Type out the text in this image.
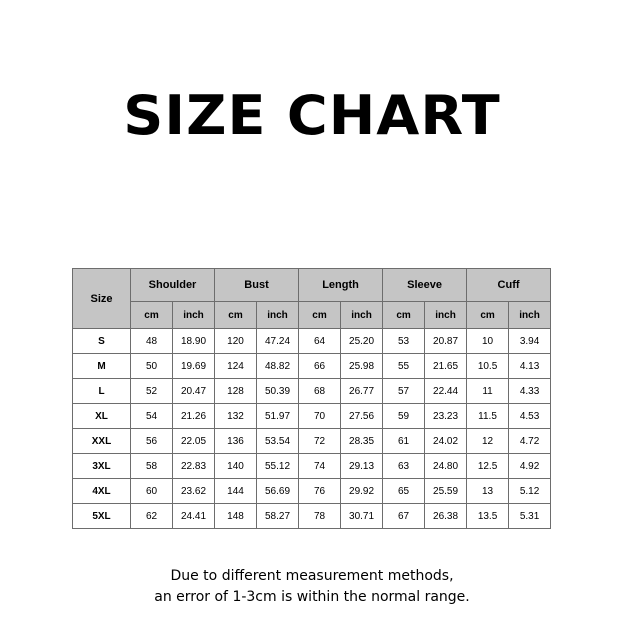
SIZE CHART
Size	Shoulder		Bust		Length		Sleeve		Cuff	
	cm	inch	cm	inch	cm	inch	cm	inch	cm	inch
S	48	18.90	120	47.24	64	25.20	53	20.87	10	3.94
M	50	19.69	124	48.82	66	25.98	55	21.65	10.5	4.13
L	52	20.47	128	50.39	68	26.77	57	22.44	11	4.33
XL	54	21.26	132	51.97	70	27.56	59	23.23	11.5	4.53
XXL	56	22.05	136	53.54	72	28.35	61	24.02	12	4.72
3XL	58	22.83	140	55.12	74	29.13	63	24.80	12.5	4.92
4XL	60	23.62	144	56.69	76	29.92	65	25.59	13	5.12
5XL	62	24.41	148	58.27	78	30.71	67	26.38	13.5	5.31
Due to different measurement methods,
an error of 1-3cm is within the normal range.
